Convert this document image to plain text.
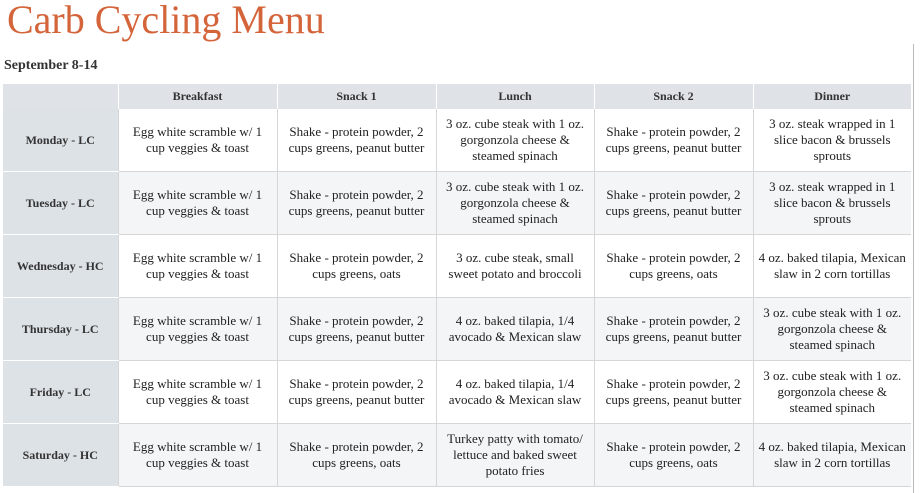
Carb Cycling Menu
September 8-14
	Breakfast	Snack 1	Lunch	Snack 2	Dinner
Monday - LC	Egg white scramble w/ 1 cup veggies & toast	Shake - protein powder, 2 cups greens, peanut butter	3 oz. cube steak with 1 oz. gorgonzola cheese & steamed spinach	Shake - protein powder, 2 cups greens, peanut butter	3 oz. steak wrapped in 1 slice bacon & brussels sprouts
Tuesday - LC	Egg white scramble w/ 1 cup veggies & toast	Shake - protein powder, 2 cups greens, peanut butter	3 oz. cube steak with 1 oz. gorgonzola cheese & steamed spinach	Shake - protein powder, 2 cups greens, peanut butter	3 oz. steak wrapped in 1 slice bacon & brussels sprouts
Wednesday - HC	Egg white scramble w/ 1 cup veggies & toast	Shake - protein powder, 2 cups greens, oats	3 oz. cube steak, small sweet potato and broccoli	Shake - protein powder, 2 cups greens, oats	4 oz. baked tilapia, Mexican slaw in 2 corn tortillas
Thursday - LC	Egg white scramble w/ 1 cup veggies & toast	Shake - protein powder, 2 cups greens, peanut butter	4 oz. baked tilapia, 1/4 avocado & Mexican slaw	Shake - protein powder, 2 cups greens, peanut butter	3 oz. cube steak with 1 oz. gorgonzola cheese & steamed spinach
Friday - LC	Egg white scramble w/ 1 cup veggies & toast	Shake - protein powder, 2 cups greens, peanut butter	4 oz. baked tilapia, 1/4 avocado & Mexican slaw	Shake - protein powder, 2 cups greens, peanut butter	3 oz. cube steak with 1 oz. gorgonzola cheese & steamed spinach
Saturday - HC	Egg white scramble w/ 1 cup veggies & toast	Shake - protein powder, 2 cups greens, oats	Turkey patty with tomato/ lettuce and baked sweet potato fries	Shake - protein powder, 2 cups greens, oats	4 oz. baked tilapia, Mexican slaw in 2 corn tortillas
